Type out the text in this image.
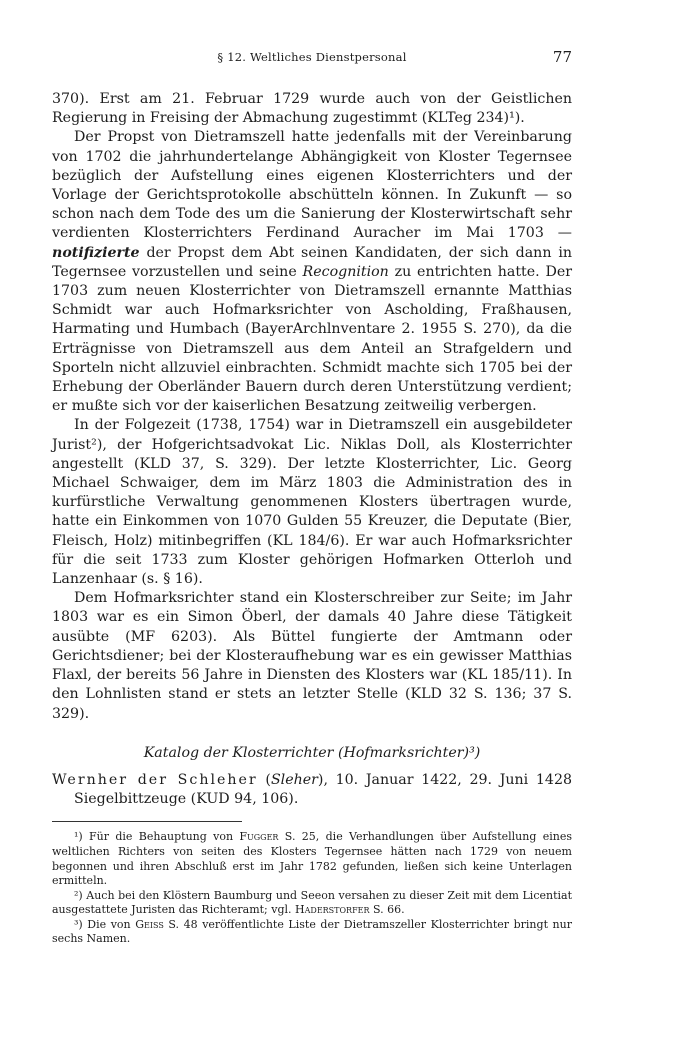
§ 12. Weltliches Dienstpersonal	77

370). Erst am 21. Februar 1729 wurde auch von der Geistlichen Regierung in Freising der Abmachung zugestimmt (KLTeg 234)¹).

Der Propst von Dietramszell hatte jedenfalls mit der Vereinbarung von 1702 die jahrhundertelange Abhängigkeit von Kloster Tegernsee bezüglich der Aufstellung eines eigenen Klosterrichters und der Vorlage der Gerichtsprotokolle abschütteln können. In Zukunft — so schon nach dem Tode des um die Sanierung der Klosterwirtschaft sehr verdienten Klosterrichters Ferdinand Auracher im Mai 1703 — notifizierte der Propst dem Abt seinen Kandidaten, der sich dann in Tegernsee vorzustellen und seine Recognition zu entrichten hatte. Der 1703 zum neuen Klosterrichter von Dietramszell ernannte Matthias Schmidt war auch Hofmarksrichter von Ascholding, Fraßhausen, Harmating und Humbach (BayerArchlnventare 2. 1955 S. 270), da die Erträgnisse von Dietramszell aus dem Anteil an Strafgeldern und Sporteln nicht allzuviel einbrachten. Schmidt machte sich 1705 bei der Erhebung der Oberländer Bauern durch deren Unterstützung verdient; er mußte sich vor der kaiserlichen Besatzung zeitweilig verbergen.

In der Folgezeit (1738, 1754) war in Dietramszell ein ausgebildeter Jurist²), der Hofgerichtsadvokat Lic. Niklas Doll, als Klosterrichter angestellt (KLD 37, S. 329). Der letzte Klosterrichter, Lic. Georg Michael Schwaiger, dem im März 1803 die Administration des in kurfürstliche Verwaltung genommenen Klosters übertragen wurde, hatte ein Einkommen von 1070 Gulden 55 Kreuzer, die Deputate (Bier, Fleisch, Holz) mitinbegriffen (KL 184/6). Er war auch Hofmarksrichter für die seit 1733 zum Kloster gehörigen Hofmarken Otterloh und Lanzenhaar (s. § 16).

Dem Hofmarksrichter stand ein Klosterschreiber zur Seite; im Jahr 1803 war es ein Simon Öberl, der damals 40 Jahre diese Tätigkeit ausübte (MF 6203). Als Büttel fungierte der Amtmann oder Gerichtsdiener; bei der Klosteraufhebung war es ein gewisser Matthias Flaxl, der bereits 56 Jahre in Diensten des Klosters war (KL 185/11). In den Lohnlisten stand er stets an letzter Stelle (KLD 32 S. 136; 37 S. 329).

Katalog der Klosterrichter (Hofmarksrichter)³)

Wernher der Schleher (Sleher), 10. Januar 1422, 29. Juni 1428 Siegelbittzeuge (KUD 94, 106).

¹) Für die Behauptung von Fugger S. 25, die Verhandlungen über Aufstellung eines weltlichen Richters von seiten des Klosters Tegernsee hätten nach 1729 von neuem begonnen und ihren Abschluß erst im Jahr 1782 gefunden, ließen sich keine Unterlagen ermitteln.

²) Auch bei den Klöstern Baumburg und Seeon versahen zu dieser Zeit mit dem Licentiat ausgestattete Juristen das Richteramt; vgl. Haderstorfer S. 66.

³) Die von Geiss S. 48 veröffentlichte Liste der Dietramszeller Klosterrichter bringt nur sechs Namen.
